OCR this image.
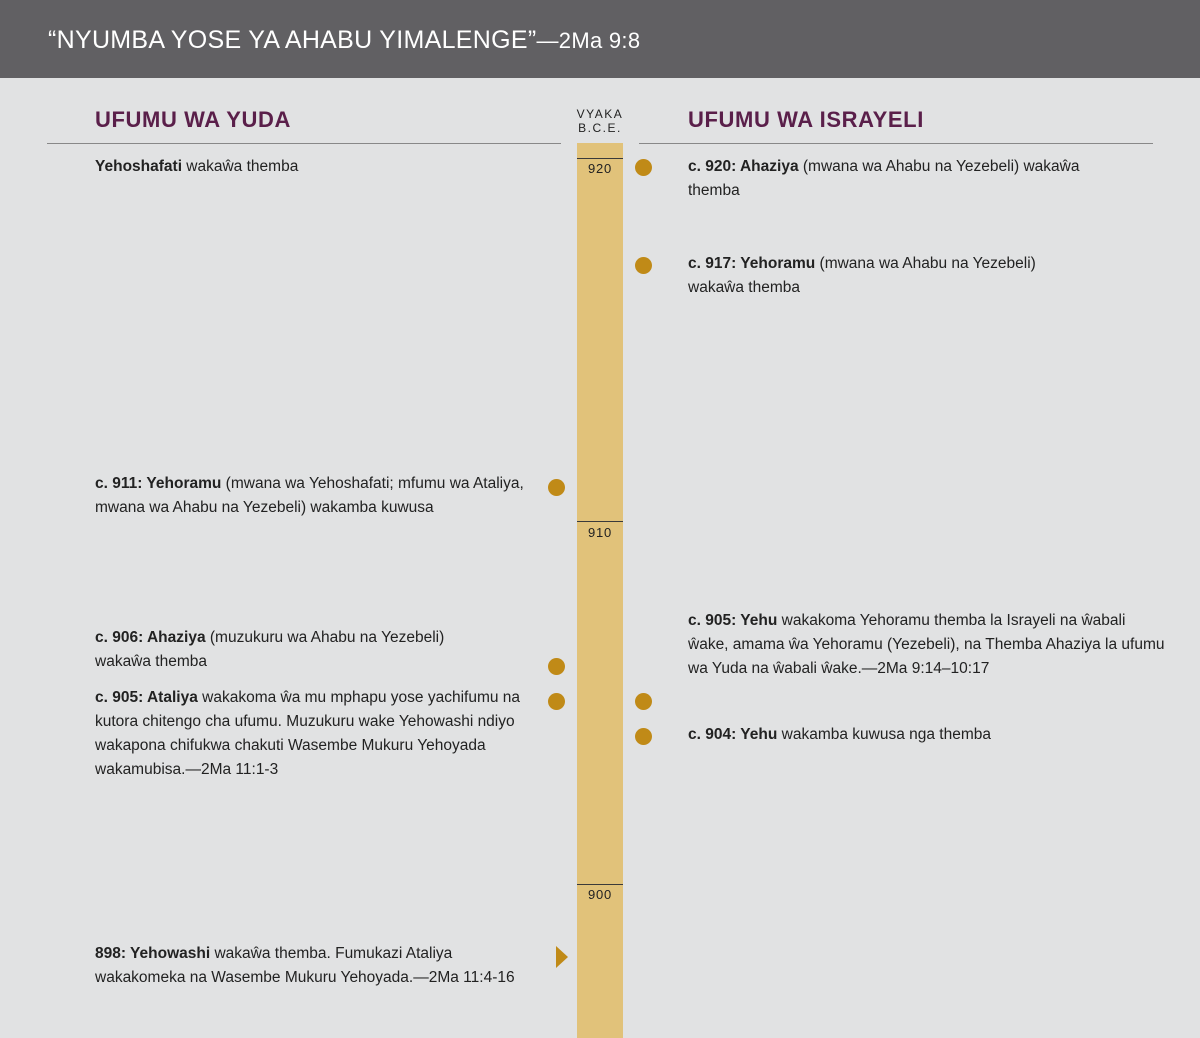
“NYUMBA YOSE YA AHABU YIMALENGE”—2Ma 9:8
UFUMU WA YUDA	UFUMU WA ISRAYELI
VYAKA
B.C.E.
920
910
900
Yehoshafati wakaŵa themba
c. 911: Yehoramu (mwana wa Yehoshafati; mfumu wa Ataliya, mwana wa Ahabu na Yezebeli) wakamba kuwusa
c. 906: Ahaziya (muzukuru wa Ahabu na Yezebeli) wakaŵa themba
c. 905: Ataliya wakakoma ŵa mu mphapu yose yachifumu na kutora chitengo cha ufumu. Muzukuru wake Yehowashi ndiyo wakapona chifukwa chakuti Wasembe Mukuru Yehoyada wakamubisa.—2Ma 11:1-3
898: Yehowashi wakaŵa themba. Fumukazi Ataliya wakakomeka na Wasembe Mukuru Yehoyada.—2Ma 11:4-16
c. 920: Ahaziya (mwana wa Ahabu na Yezebeli) wakaŵa themba
c. 917: Yehoramu (mwana wa Ahabu na Yezebeli) wakaŵa themba
c. 905: Yehu wakakoma Yehoramu themba la Israyeli na ŵabali ŵake, amama ŵa Yehoramu (Yezebeli), na Themba Ahaziya la ufumu wa Yuda na ŵabali ŵake.—2Ma 9:14–10:17
c. 904: Yehu wakamba kuwusa nga themba
